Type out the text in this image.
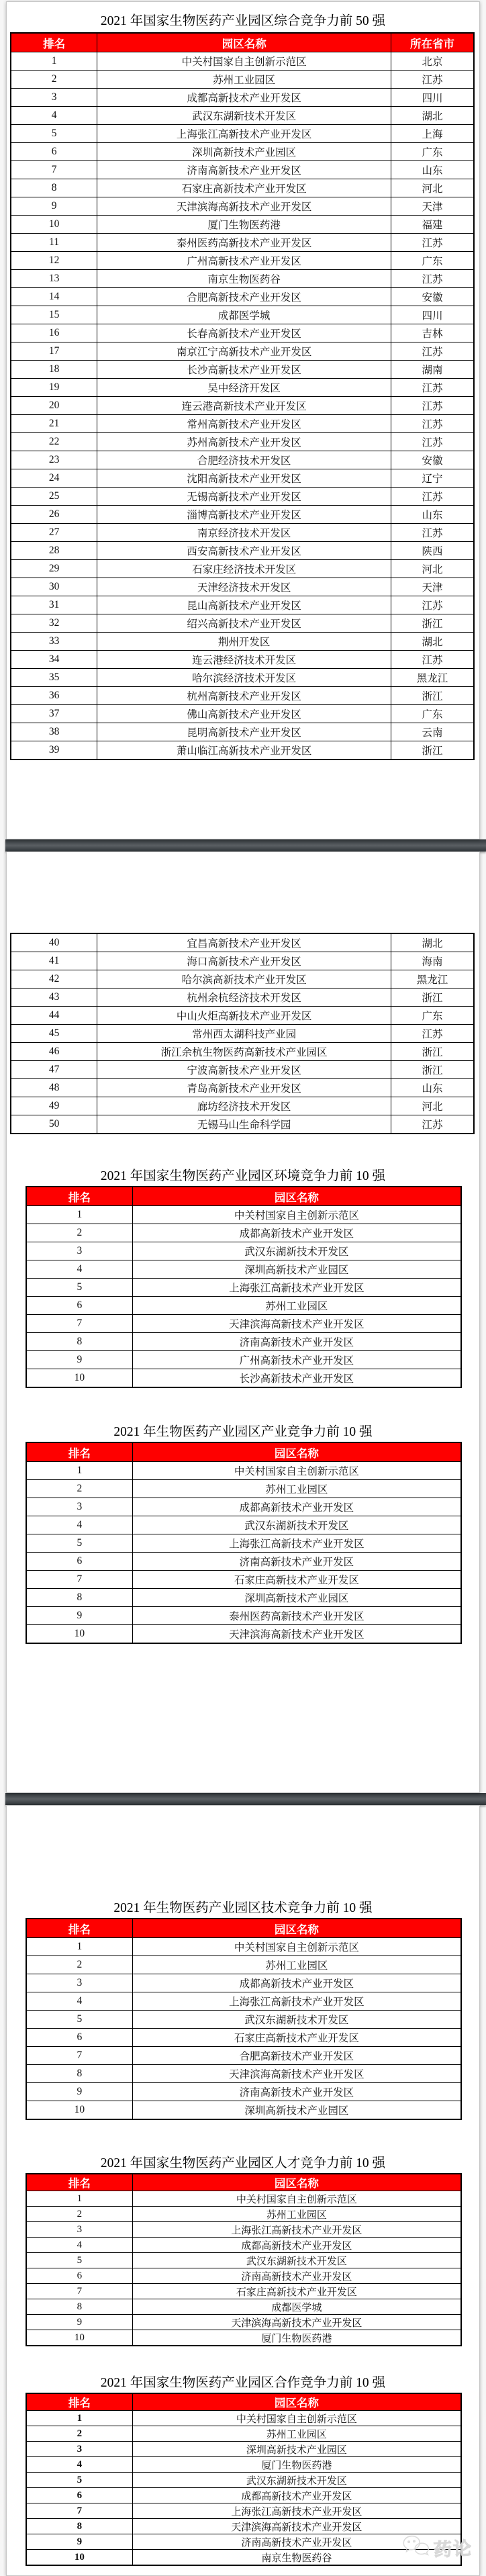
2021 年国家生物医药产业园区综合竞争力前 50 强
排名	园区名称	所在省市
1	中关村国家自主创新示范区	北京
2	苏州工业园区	江苏
3	成都高新技术产业开发区	四川
4	武汉东湖新技术开发区	湖北
5	上海张江高新技术产业开发区	上海
6	深圳高新技术产业园区	广东
7	济南高新技术产业开发区	山东
8	石家庄高新技术产业开发区	河北
9	天津滨海高新技术产业开发区	天津
10	厦门生物医药港	福建
11	泰州医药高新技术产业开发区	江苏
12	广州高新技术产业开发区	广东
13	南京生物医药谷	江苏
14	合肥高新技术产业开发区	安徽
15	成都医学城	四川
16	长春高新技术产业开发区	吉林
17	南京江宁高新技术产业开发区	江苏
18	长沙高新技术产业开发区	湖南
19	吴中经济开发区	江苏
20	连云港高新技术产业开发区	江苏
21	常州高新技术产业开发区	江苏
22	苏州高新技术产业开发区	江苏
23	合肥经济技术开发区	安徽
24	沈阳高新技术产业开发区	辽宁
25	无锡高新技术产业开发区	江苏
26	淄博高新技术产业开发区	山东
27	南京经济技术开发区	江苏
28	西安高新技术产业开发区	陕西
29	石家庄经济技术开发区	河北
30	天津经济技术开发区	天津
31	昆山高新技术产业开发区	江苏
32	绍兴高新技术产业开发区	浙江
33	荆州开发区	湖北
34	连云港经济技术开发区	江苏
35	哈尔滨经济技术开发区	黑龙江
36	杭州高新技术产业开发区	浙江
37	佛山高新技术产业开发区	广东
38	昆明高新技术产业开发区	云南
39	萧山临江高新技术产业开发区	浙江
40	宜昌高新技术产业开发区	湖北
41	海口高新技术产业开发区	海南
42	哈尔滨高新技术产业开发区	黑龙江
43	杭州余杭经济技术开发区	浙江
44	中山火炬高新技术产业开发区	广东
45	常州西太湖科技产业园	江苏
46	浙江余杭生物医药高新技术产业园区	浙江
47	宁波高新技术产业开发区	浙江
48	青岛高新技术产业开发区	山东
49	廊坊经济技术开发区	河北
50	无锡马山生命科学园	江苏
2021 年国家生物医药产业园区环境竞争力前 10 强
排名	园区名称
1	中关村国家自主创新示范区
2	成都高新技术产业开发区
3	武汉东湖新技术开发区
4	深圳高新技术产业园区
5	上海张江高新技术产业开发区
6	苏州工业园区
7	天津滨海高新技术产业开发区
8	济南高新技术产业开发区
9	广州高新技术产业开发区
10	长沙高新技术产业开发区
2021 年生物医药产业园区产业竞争力前 10 强
排名	园区名称
1	中关村国家自主创新示范区
2	苏州工业园区
3	成都高新技术产业开发区
4	武汉东湖新技术开发区
5	上海张江高新技术产业开发区
6	济南高新技术产业开发区
7	石家庄高新技术产业开发区
8	深圳高新技术产业园区
9	泰州医药高新技术产业开发区
10	天津滨海高新技术产业开发区
2021 年生物医药产业园区技术竞争力前 10 强
排名	园区名称
1	中关村国家自主创新示范区
2	苏州工业园区
3	成都高新技术产业开发区
4	上海张江高新技术产业开发区
5	武汉东湖新技术开发区
6	石家庄高新技术产业开发区
7	合肥高新技术产业开发区
8	天津滨海高新技术产业开发区
9	济南高新技术产业开发区
10	深圳高新技术产业园区
2021 年国家生物医药产业园区人才竞争力前 10 强
排名	园区名称
1	中关村国家自主创新示范区
2	苏州工业园区
3	上海张江高新技术产业开发区
4	成都高新技术产业开发区
5	武汉东湖新技术开发区
6	济南高新技术产业开发区
7	石家庄高新技术产业开发区
8	成都医学城
9	天津滨海高新技术产业开发区
10	厦门生物医药港
2021 年国家生物医药产业园区合作竞争力前 10 强
排名	园区名称
1	中关村国家自主创新示范区
2	苏州工业园区
3	深圳高新技术产业园区
4	厦门生物医药港
5	武汉东湖新技术开发区
6	成都高新技术产业开发区
7	上海张江高新技术产业开发区
8	天津滨海高新技术产业开发区
9	济南高新技术产业开发区
10	南京生物医药谷	药论
